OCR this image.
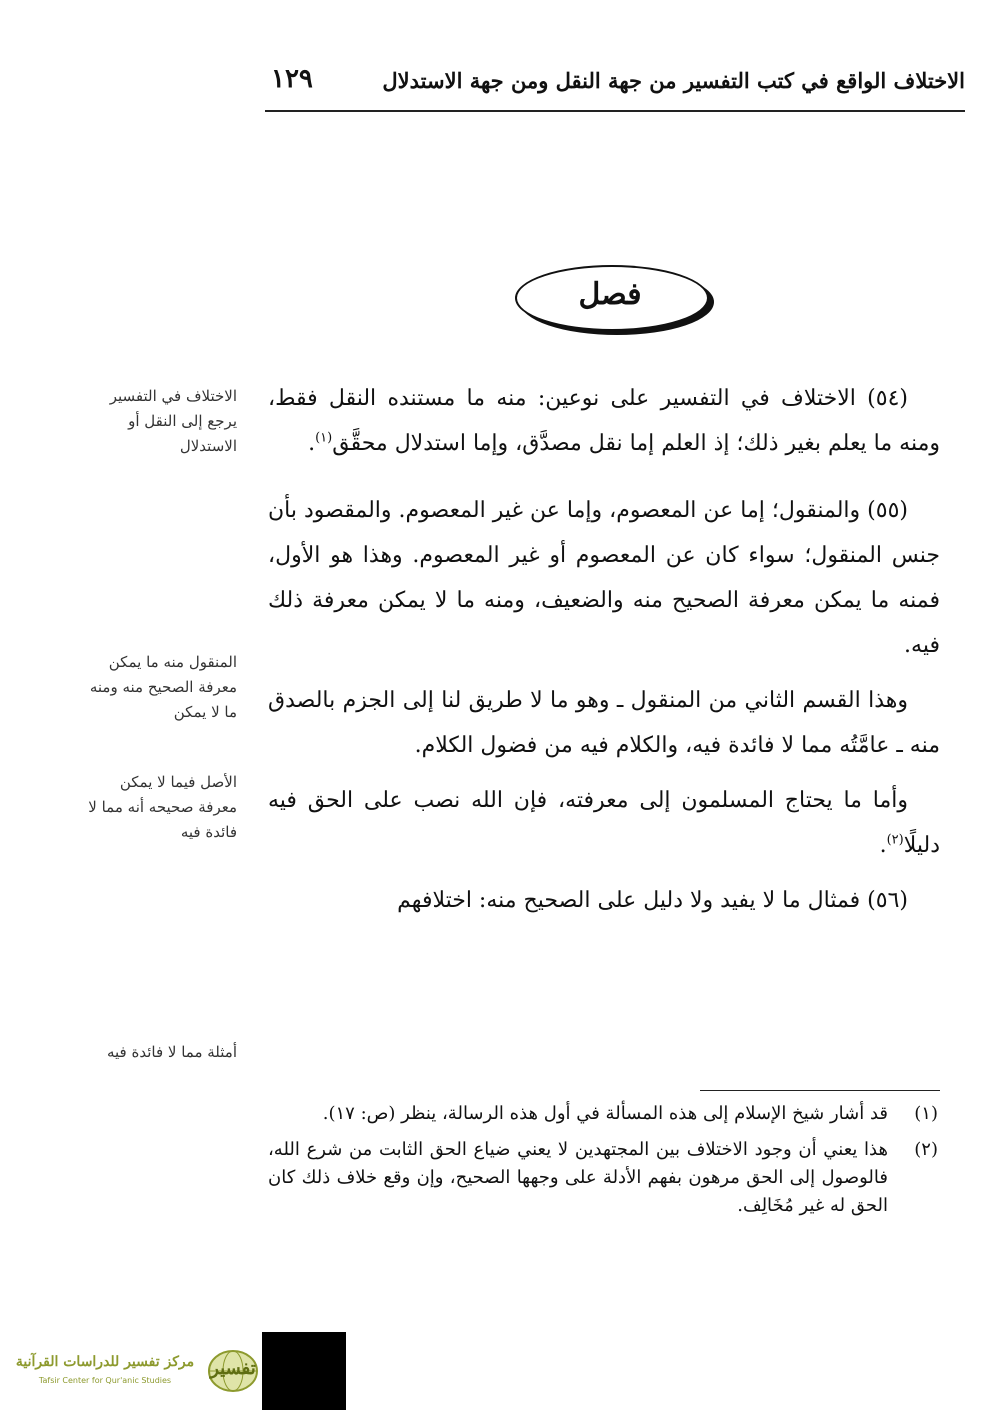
الاختلاف الواقع في كتب التفسير من جهة النقل ومن جهة الاستدلال
١٢٩
فصل

(٥٤) الاختلاف في التفسير على نوعين: منه ما مستنده النقل فقط، ومنه ما يعلم بغير ذلك؛ إذ العلم إما نقل مصدَّق، وإما استدلال محقَّق$^{(١)}$.

(٥٥) والمنقول؛ إما عن المعصوم، وإما عن غير المعصوم. والمقصود بأن جنس المنقول؛ سواء كان عن المعصوم أو غير المعصوم. وهذا هو الأول، فمنه ما يمكن معرفة الصحيح منه والضعيف، ومنه ما لا يمكن معرفة ذلك فيه.

وهذا القسم الثاني من المنقول ـ وهو ما لا طريق لنا إلى الجزم بالصدق منه ـ عامَّتُه مما لا فائدة فيه، والكلام فيه من فضول الكلام.

وأما ما يحتاج المسلمون إلى معرفته، فإن الله نصب على الحق فيه دليلًا$^{(٢)}$.

(٥٦) فمثال ما لا يفيد ولا دليل على الصحيح منه: اختلافهم

الاختلاف في التفسير يرجع إلى النقل أو الاستدلال
المنقول منه ما يمكن معرفة الصحيح منه ومنه ما لا يمكن
الأصل فيما لا يمكن معرفة صحيحه أنه مما لا فائدة فيه
أمثلة مما لا فائدة فيه
(١)
قد أشار شيخ الإسلام إلى هذه المسألة في أول هذه الرسالة، ينظر (ص: ١٧).
(٢)
هذا يعني أن وجود الاختلاف بين المجتهدين لا يعني ضياع الحق الثابت من شرع الله، فالوصول إلى الحق مرهون بفهم الأدلة على وجهها الصحيح، وإن وقع خلاف ذلك كان الحق له غير مُخَالِف.
مركز تفسير للدراسات القرآنية
Tafsir Center for Qur'anic Studies
تفسير
